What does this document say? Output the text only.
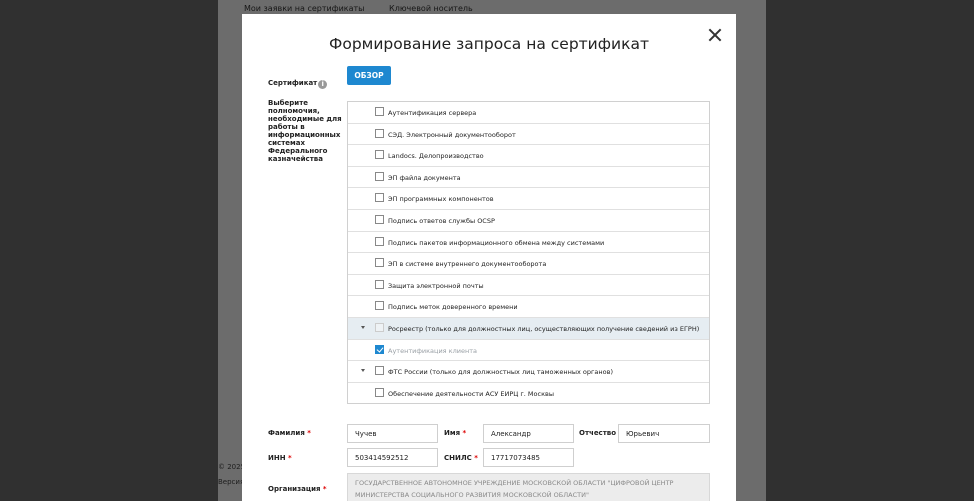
Формирование запроса на сертификат
Сертификат i
ОБЗОР
Выберите полномочия, необходимые для работы в информационных системах Федерального казначейства
Аутентификация сервера
СЭД. Электронный документооборот
Landocs. Делопроизводство
ЭП файла документа
ЭП программных компонентов
Подпись ответов службы OCSP
Подпись пакетов информационного обмена между системами
ЭП в системе внутреннего документооборота
Защита электронной почты
Подпись меток доверенного времени
Росреестр (только для должностных лиц, осуществляющих получение сведений из ЕГРН)
Аутентификация клиента
ФТС России (только для должностных лиц таможенных органов)
Обеспечение деятельности АСУ ЕИРЦ г. Москвы
Фамилия *	Чучев	Имя *	Александр	Отчество	Юрьевич
ИНН *	503414592512	СНИЛС *	17717073485
Организация *
ГОСУДАРСТВЕННОЕ АВТОНОМНОЕ УЧРЕЖДЕНИЕ МОСКОВСКОЙ ОБЛАСТИ "ЦИФРОВОЙ ЦЕНТР МИНИСТЕРСТВА СОЦИАЛЬНОГО РАЗВИТИЯ МОСКОВСКОЙ ОБЛАСТИ"
